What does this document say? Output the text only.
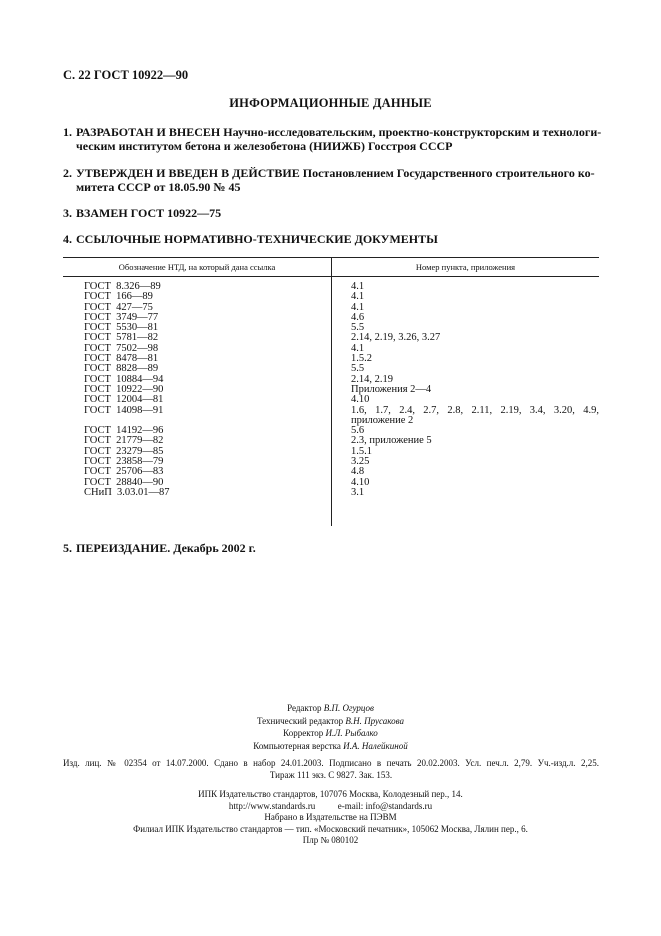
С. 22 ГОСТ 10922—90
ИНФОРМАЦИОННЫЕ ДАННЫЕ
1. РАЗРАБОТАН И ВНЕСЕН Научно-исследовательским, проектно-конструкторским и технологи-
ческим институтом бетона и железобетона (НИИЖБ) Госстроя СССР
2. УТВЕРЖДЕН И ВВЕДЕН В ДЕЙСТВИЕ Постановлением Государственного строительного ко-
митета СССР от 18.05.90 № 45
3. ВЗАМЕН ГОСТ 10922—75
4. ССЫЛОЧНЫЕ НОРМАТИВНО-ТЕХНИЧЕСКИЕ ДОКУМЕНТЫ
Обозначение НТД, на который дана ссылка	Номер пункта, приложения
ГОСТ  8.326—89	4.1
ГОСТ  166—89	4.1
ГОСТ  427—75	4.1
ГОСТ  3749—77	4.6
ГОСТ  5530—81	5.5
ГОСТ  5781—82	2.14, 2.19, 3.26, 3.27
ГОСТ  7502—98	4.1
ГОСТ  8478—81	1.5.2
ГОСТ  8828—89	5.5
ГОСТ  10884—94	2.14, 2.19
ГОСТ  10922—90	Приложения 2—4
ГОСТ  12004—81	4.10
ГОСТ  14098—91	1.6, 1.7, 2.4, 2.7, 2.8, 2.11, 2.19, 3.4, 3.20, 4.9, приложение 2
ГОСТ  14192—96	5.6
ГОСТ  21779—82	2.3, приложение 5
ГОСТ  23279—85	1.5.1
ГОСТ  23858—79	3.25
ГОСТ  25706—83	4.8
ГОСТ  28840—90	4.10
СНиП  3.03.01—87	3.1
5. ПЕРЕИЗДАНИЕ. Декабрь 2002 г.
Редактор В.П. Огурцов
Технический редактор В.Н. Прусакова
Корректор И.Л. Рыбалко
Компьютерная верстка И.А. Налейкиной
Изд. лиц. № 02354 от 14.07.2000. Сдано в набор 24.01.2003. Подписано в печать 20.02.2003. Усл. печ.л. 2,79. Уч.-изд.л. 2,25.
Тираж 111 экз. С 9827. Зак. 153.
ИПК Издательство стандартов, 107076 Москва, Колодезный пер., 14.
http://www.standards.ru          e-mail: info@standards.ru
Набрано в Издательстве на ПЭВМ
Филиал ИПК Издательство стандартов — тип. «Московский печатник», 105062 Москва, Лялин пер., 6.
Плр № 080102
